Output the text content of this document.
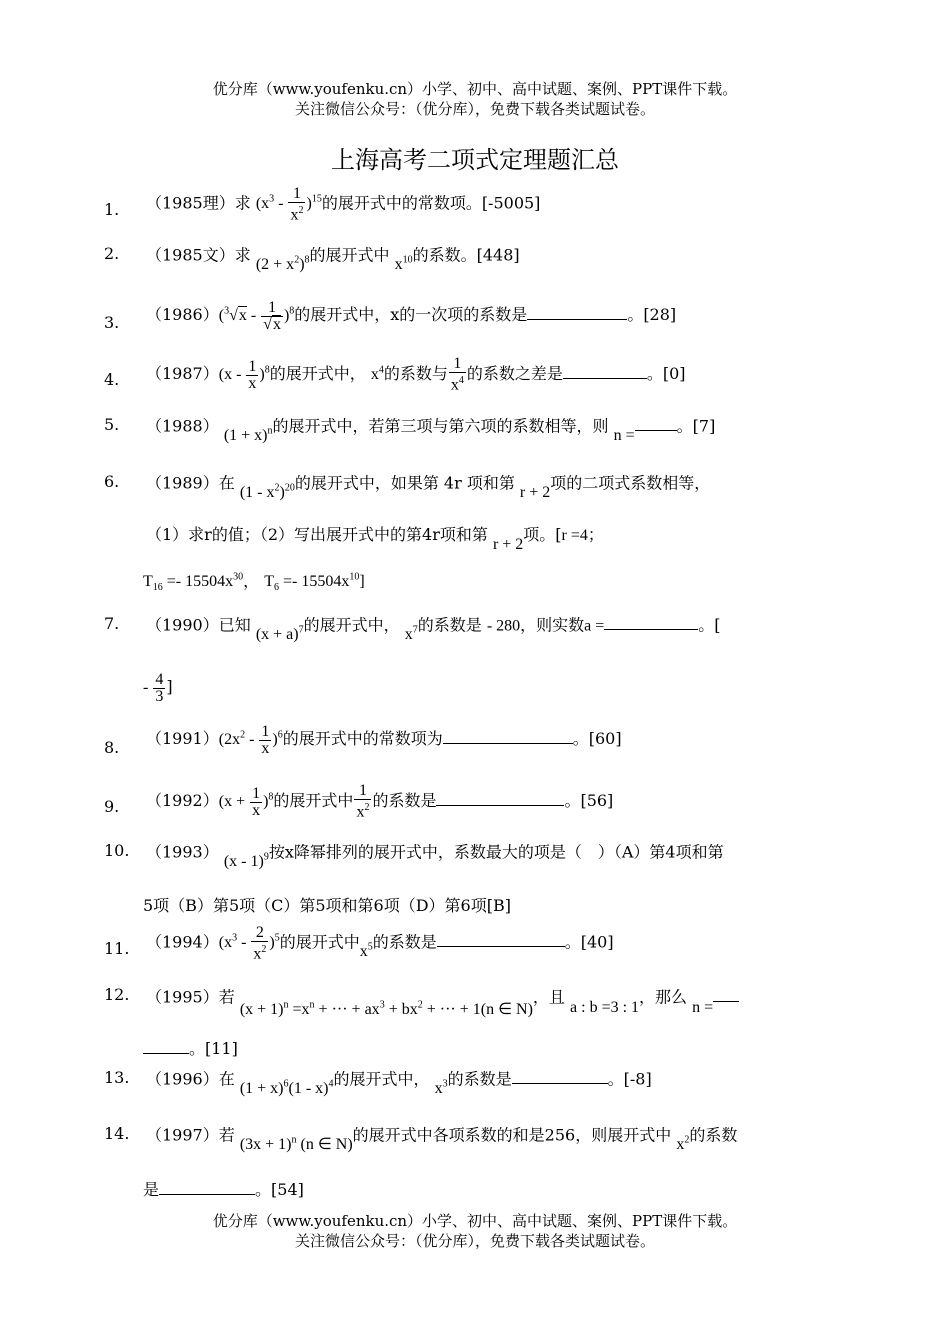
优分库（www.youfenku.cn）小学、初中、高中试题、案例、PPT课件下载。
关注微信公众号：（优分库），免费下载各类试题试卷。
上海高考二项式定理题汇总
1. （1985理）求 $(x^3 - \frac{1}{x^2} )^{15}$的展开式中的常数项。[-5005]
2. （1985文）求 $(2 + x^2)^8$的展开式中 $x^{10}$的系数。[448]
3. $(1986)(^3√x - \frac{1}{√x} )^8$的展开式中，x的一次项的系数是	。[28]
4. $(1987)(x - \frac{1}{x} )^8$的展开式中， $x^4$的系数与 $\frac{1}{x^4}$ 的系数之差是	。[0]
5. （1988） $(1 + x)^n$的展开式中，若第三项与第六项的系数相等，则 n =。[7]
6. （1989）在 $(1 - x^2)^{20}$的展开式中，如果第 4r 项和第 r + 2项的二项式系数相等，
（1）求r的值；（2）写出展开式中的第4r项和第 r + 2项。[r =4；
$T_{16} =- 15504x^{30}$， $T_6 =- 15504x^{10}$]
7. （1990）已知 $(x + a)^7$的展开式中， $x^7$的系数是 - 280，则实数a =	。[
- $\frac{4}{3}$ ]
8. $(1991)(2x^2 - \frac{1}{x} )^6$的展开式中的常数项为	。[60]
9. $(1992)(x + \frac{1}{x} )^8$的展开式中 $\frac{1}{x^2}$ 的系数是	。[56]
10. （1993） (x - 1)$^9$按x降幂排列的展开式中，系数最大的项是（　）（A）第4项和第
5项（B）第5项（C）第5项和第6项（D）第6项[B]
11. $(1994)(x^3 - \frac{2}{x^2} )^5$的展开式中$x^5$的系数是	。[40]
12. （1995）若 $(x + 1)^n =x^n$ + ··· + $ax^3 + bx^2$ + ··· + 1(n ∈ N)，且 a : b =3 : 1，那么 n =
。[11]
13. （1996）在 $(1 + x)^6(1 - x)^4$的展开式中， $x^3$的系数是	。[-8]
14. （1997）若 $(3x + 1)^n$ (n ∈ N)的展开式中各项系数的和是256，则展开式中 $x^2$的系数
是	。[54]
优分库（www.youfenku.cn）小学、初中、高中试题、案例、PPT课件下载。
关注微信公众号：（优分库），免费下载各类试题试卷。
